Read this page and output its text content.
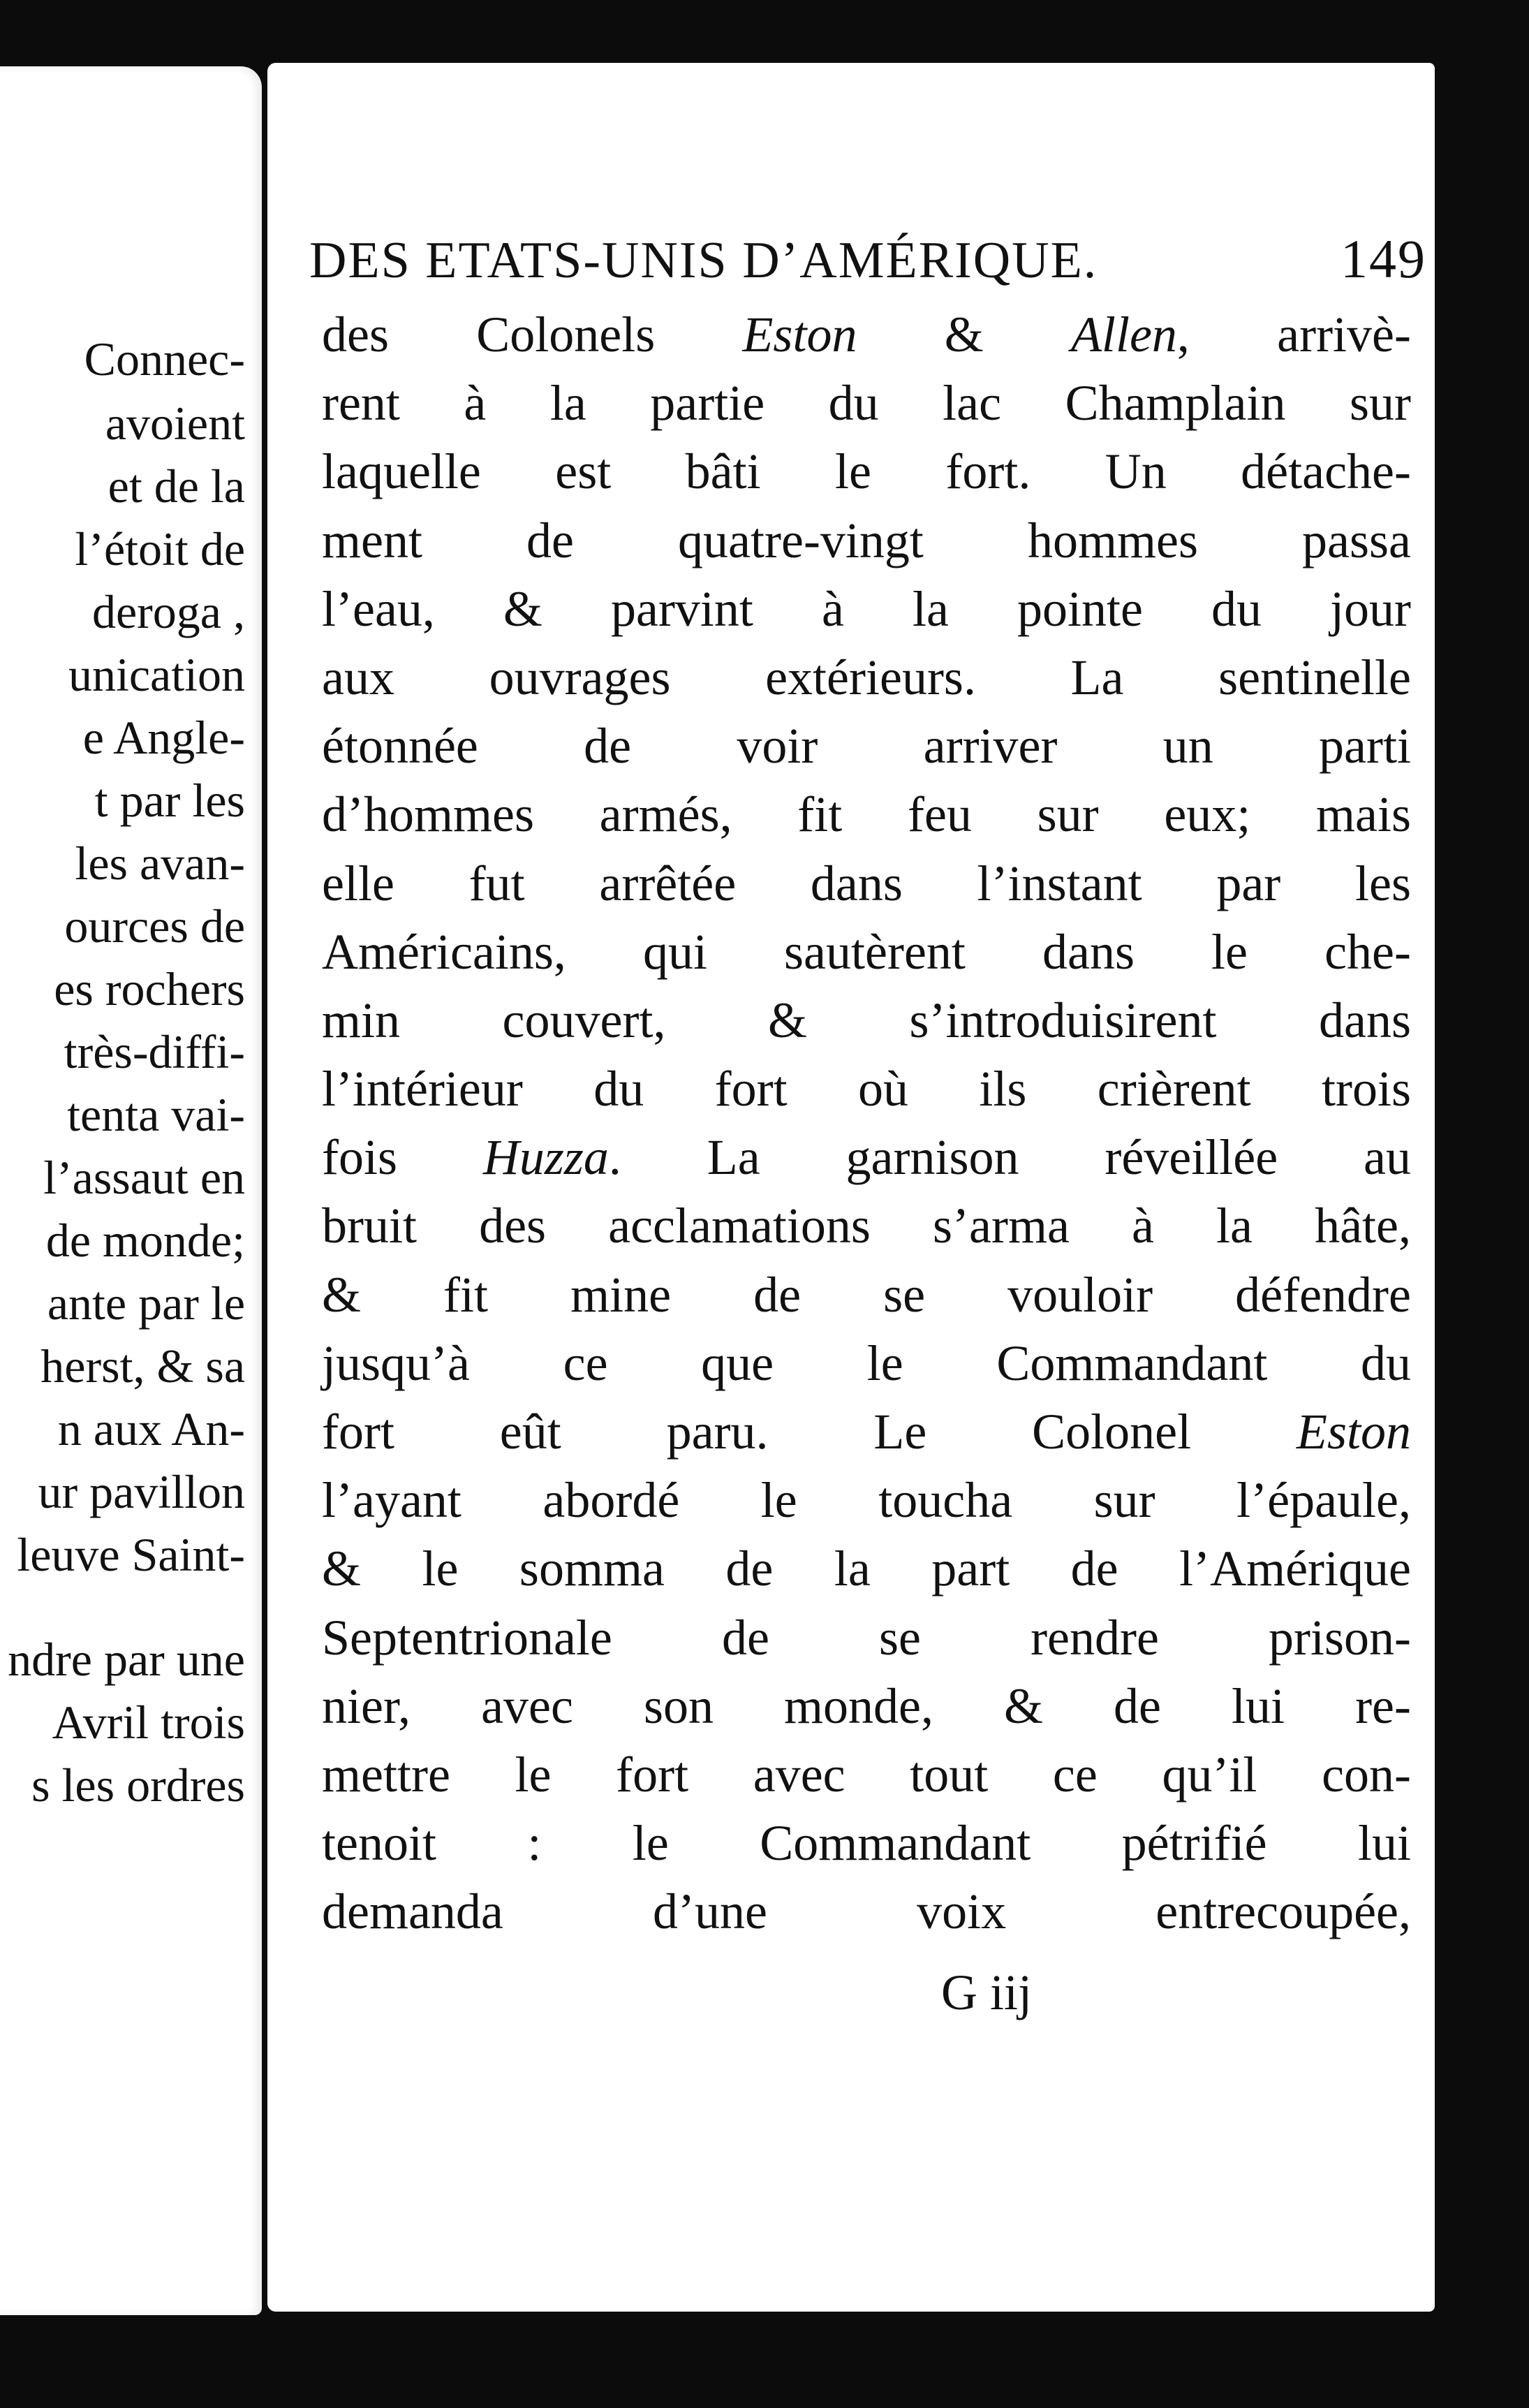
Connec-
avoient
et de la
l’étoit de
deroga ,
unication
e Angle-
t par les
les avan-
ources de
es rochers
très-diffi-
tenta vai-
l’assaut en
de monde;
ante par le
herst, & sa
n aux An-
ur pavillon
leuve Saint-
ndre par une
Avril trois
s les ordres
DES ETATS-UNIS D’AMÉRIQUE.	149
des Colonels Eston & Allen, arrivè-
rent à la partie du lac Champlain sur
laquelle est bâti le fort. Un détache-
ment de quatre-vingt hommes passa
l’eau, & parvint à la pointe du jour
aux ouvrages extérieurs. La sentinelle
étonnée de voir arriver un parti
d’hommes armés, fit feu sur eux; mais
elle fut arrêtée dans l’instant par les
Américains, qui sautèrent dans le che-
min couvert, & s’introduisirent dans
l’intérieur du fort où ils crièrent trois
fois Huzza. La garnison réveillée au
bruit des acclamations s’arma à la hâte,
& fit mine de se vouloir défendre
jusqu’à ce que le Commandant du
fort eût paru. Le Colonel Eston
l’ayant abordé le toucha sur l’épaule,
& le somma de la part de l’Amérique
Septentrionale de se rendre prison-
nier, avec son monde, & de lui re-
mettre le fort avec tout ce qu’il con-
tenoit : le Commandant pétrifié lui
demanda d’une voix entrecoupée,
G iij
